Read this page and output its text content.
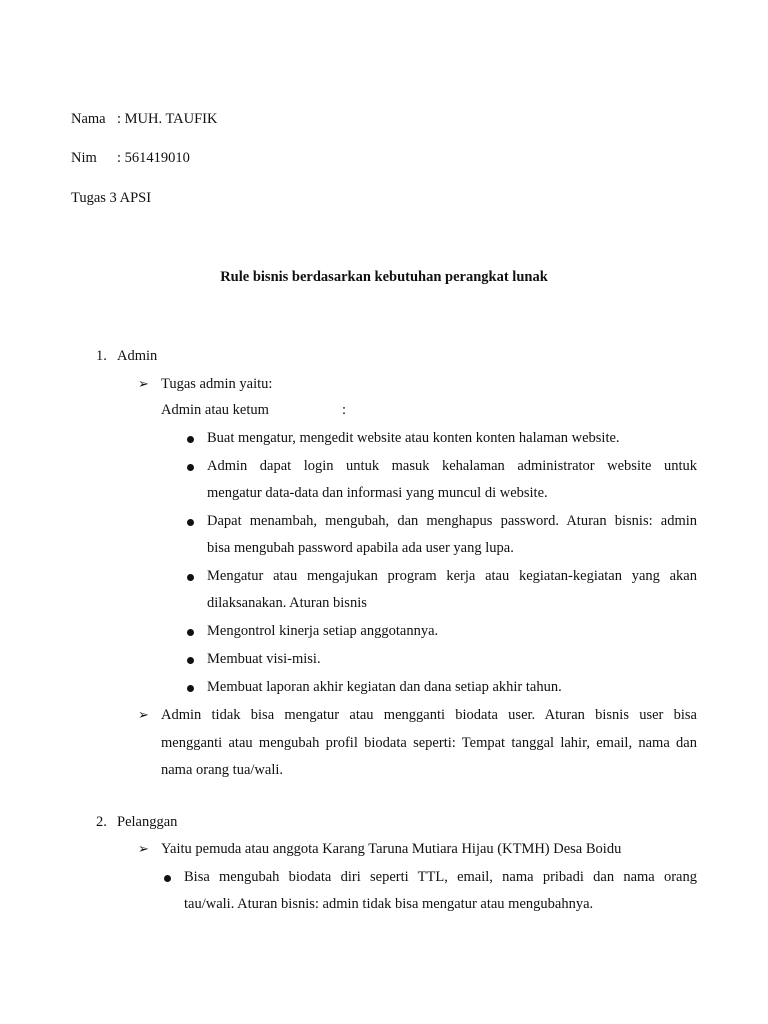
Nama : MUH. TAUFIK
Nim : 561419010
Tugas 3 APSI
Rule bisnis berdasarkan kebutuhan perangkat lunak
1. Admin
➢ Tugas admin yaitu:
Admin atau ketum	:
Buat mengatur, mengedit website atau konten konten halaman website.
Admin dapat login untuk masuk kehalaman administrator website untuk
mengatur data-data dan informasi yang muncul di website.
Dapat menambah, mengubah, dan menghapus password. Aturan bisnis: admin
bisa mengubah password apabila ada user yang lupa.
Mengatur atau mengajukan program kerja atau kegiatan-kegiatan yang akan
dilaksanakan. Aturan bisnis
Mengontrol kinerja setiap anggotannya.
Membuat visi-misi.
Membuat laporan akhir kegiatan dan dana setiap akhir tahun.
➢ Admin tidak bisa mengatur atau mengganti biodata user. Aturan bisnis user bisa
mengganti atau mengubah profil biodata seperti: Tempat tanggal lahir, email, nama dan
nama orang tua/wali.
2. Pelanggan
➢ Yaitu pemuda atau anggota Karang Taruna Mutiara Hijau (KTMH) Desa Boidu
Bisa mengubah biodata diri seperti TTL, email, nama pribadi dan nama orang
tau/wali. Aturan bisnis: admin tidak bisa mengatur atau mengubahnya.
